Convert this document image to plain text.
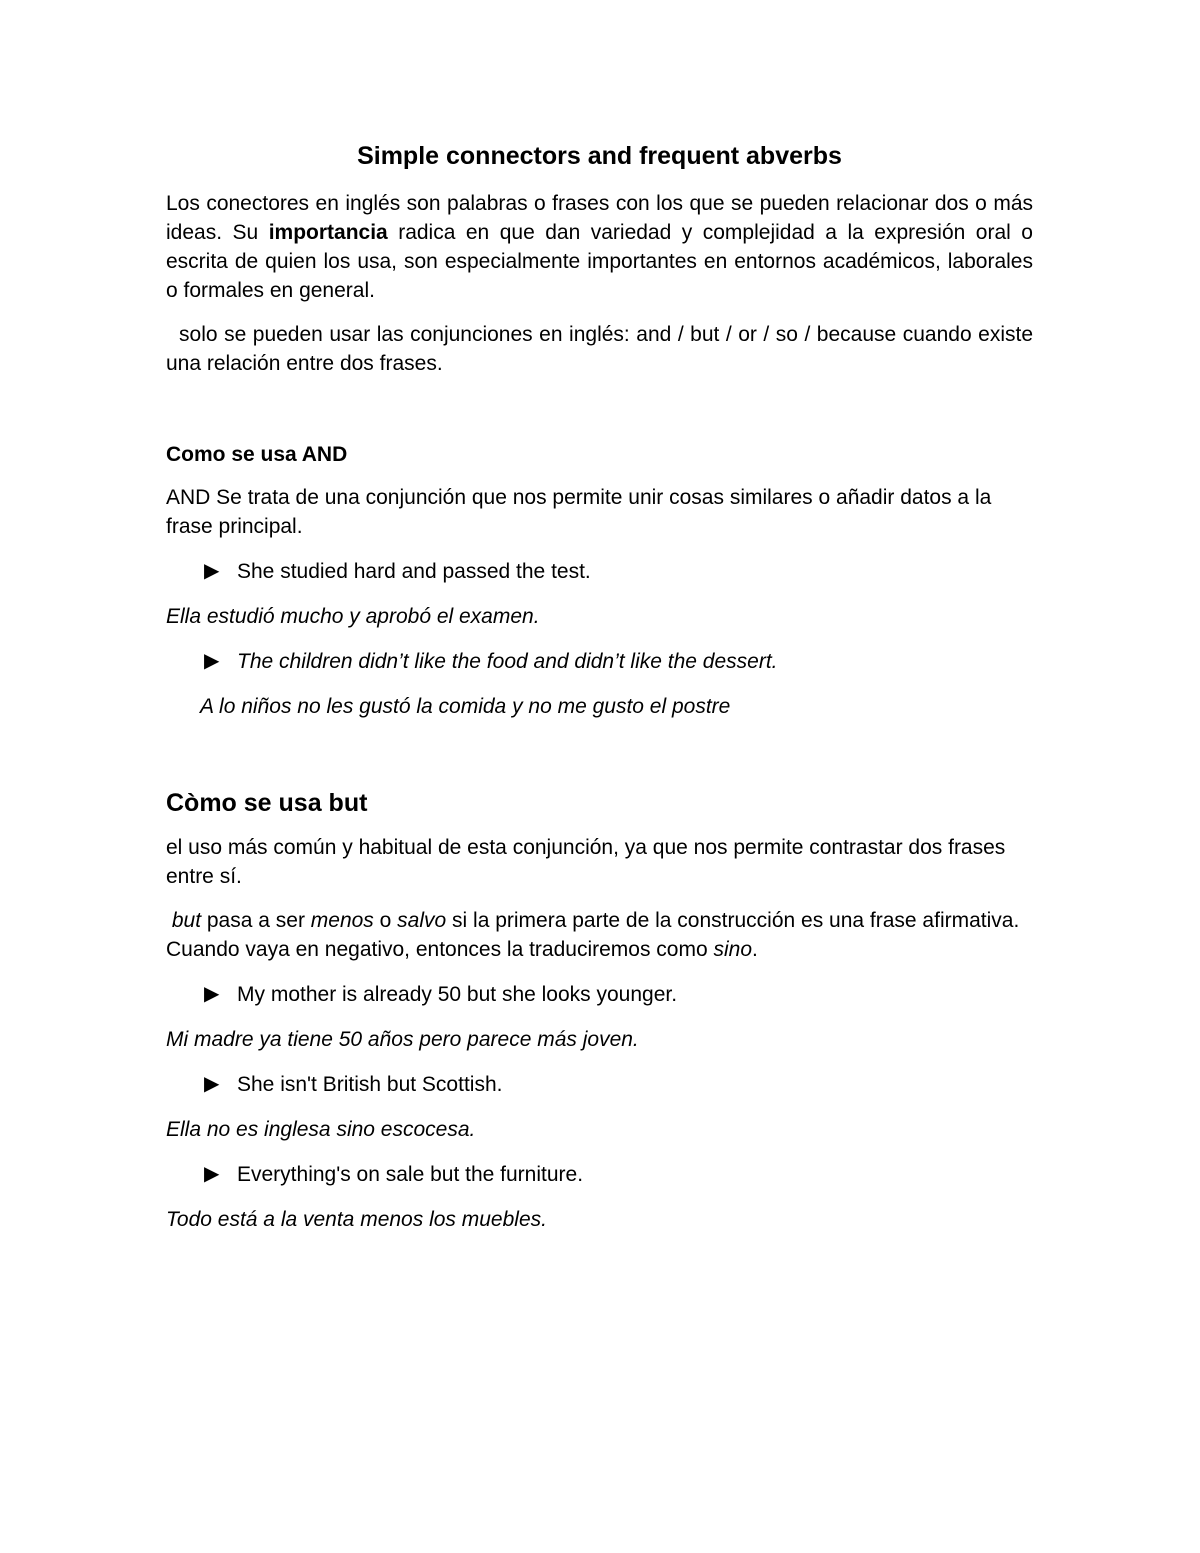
Simple connectors and frequent abverbs

Los conectores en inglés son palabras o frases con los que se pueden relacionar dos o más ideas. Su importancia radica en que dan variedad y complejidad a la expresión oral o escrita de quien los usa, son especialmente importantes en entornos académicos, laborales o formales en general.

solo se pueden usar las conjunciones en inglés: and / but / or / so / because cuando existe una relación entre dos frases.

Como se usa AND

AND Se trata de una conjunción que nos permite unir cosas similares o añadir datos a la frase principal.

▶ She studied hard and passed the test.

Ella estudió mucho y aprobó el examen.

▶ The children didn’t like the food and didn’t like the dessert.

A lo niños no les gustó la comida y no me gusto el postre

Còmo se usa but

el uso más común y habitual de esta conjunción, ya que nos permite contrastar dos frases entre sí.

but pasa a ser menos o salvo si la primera parte de la construcción es una frase afirmativa. Cuando vaya en negativo, entonces la traduciremos como sino.

▶ My mother is already 50 but she looks younger.

Mi madre ya tiene 50 años pero parece más joven.

▶ She isn't British but Scottish.

Ella no es inglesa sino escocesa.

▶ Everything's on sale but the furniture.

Todo está a la venta menos los muebles.
